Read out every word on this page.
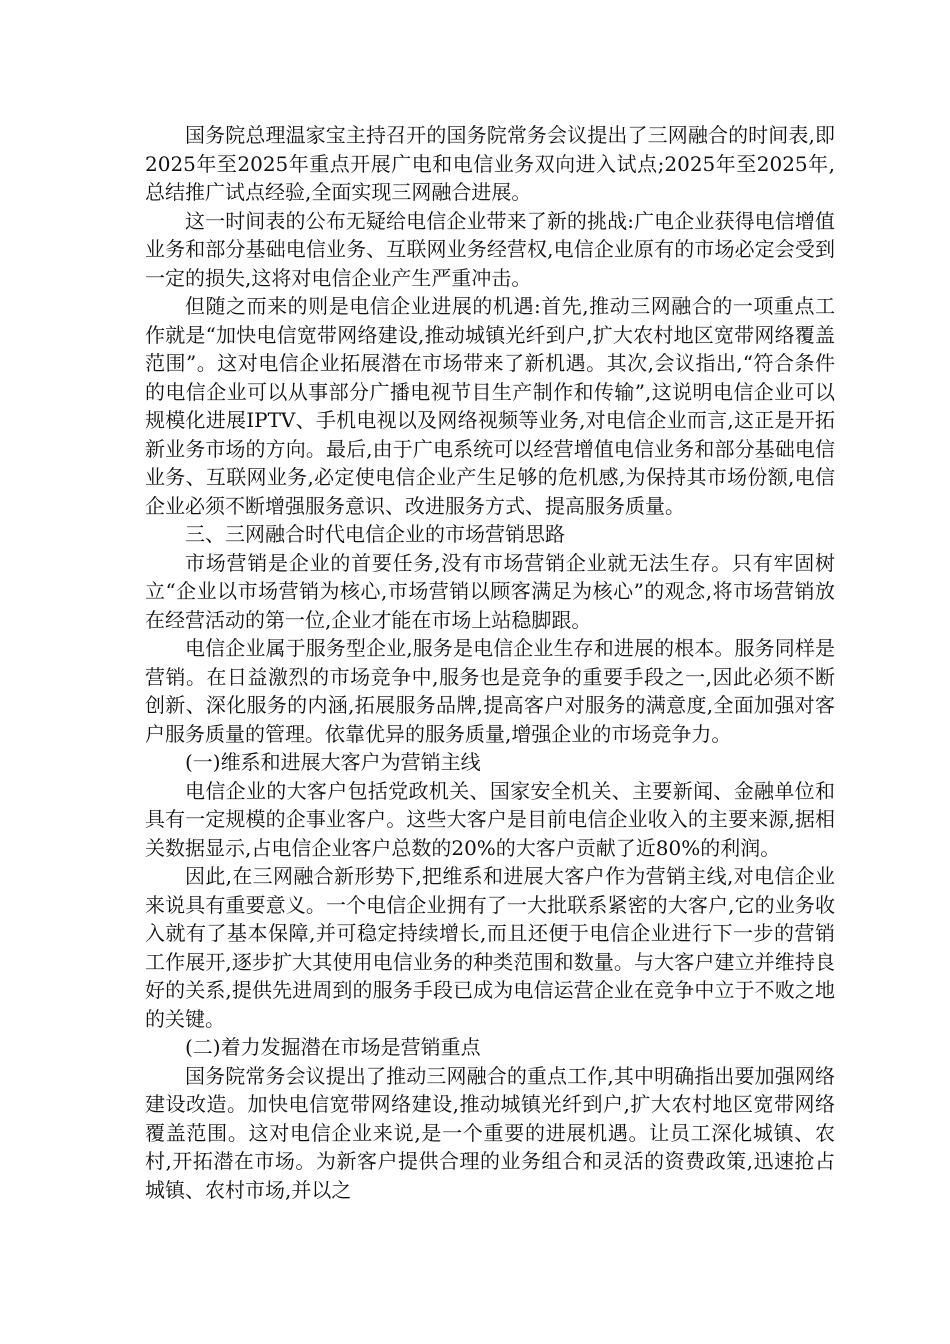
国务院总理温家宝主持召开的国务院常务会议提出了三网融合的时间表,即2025年至2025年重点开展广电和电信业务双向进入试点;2025年至2025年,总结推广试点经验,全面实现三网融合进展。

这一时间表的公布无疑给电信企业带来了新的挑战:广电企业获得电信增值业务和部分基础电信业务、互联网业务经营权,电信企业原有的市场必定会受到一定的损失,这将对电信企业产生严重冲击。

但随之而来的则是电信企业进展的机遇:首先,推动三网融合的一项重点工作就是“加快电信宽带网络建设,推动城镇光纤到户,扩大农村地区宽带网络覆盖范围”。这对电信企业拓展潜在市场带来了新机遇。其次,会议指出,“符合条件的电信企业可以从事部分广播电视节目生产制作和传输”,这说明电信企业可以规模化进展IPTV、手机电视以及网络视频等业务,对电信企业而言,这正是开拓新业务市场的方向。最后,由于广电系统可以经营增值电信业务和部分基础电信业务、互联网业务,必定使电信企业产生足够的危机感,为保持其市场份额,电信企业必须不断增强服务意识、改进服务方式、提高服务质量。

三、三网融合时代电信企业的市场营销思路

市场营销是企业的首要任务,没有市场营销企业就无法生存。只有牢固树立“企业以市场营销为核心,市场营销以顾客满足为核心”的观念,将市场营销放在经营活动的第一位,企业才能在市场上站稳脚跟。

电信企业属于服务型企业,服务是电信企业生存和进展的根本。服务同样是营销。在日益激烈的市场竞争中,服务也是竞争的重要手段之一,因此必须不断创新、深化服务的内涵,拓展服务品牌,提高客户对服务的满意度,全面加强对客户服务质量的管理。依靠优异的服务质量,增强企业的市场竞争力。

(一)维系和进展大客户为营销主线

电信企业的大客户包括党政机关、国家安全机关、主要新闻、金融单位和具有一定规模的企事业客户。这些大客户是目前电信企业收入的主要来源,据相关数据显示,占电信企业客户总数的20%的大客户贡献了近80%的利润。

因此,在三网融合新形势下,把维系和进展大客户作为营销主线,对电信企业来说具有重要意义。一个电信企业拥有了一大批联系紧密的大客户,它的业务收入就有了基本保障,并可稳定持续增长,而且还便于电信企业进行下一步的营销工作展开,逐步扩大其使用电信业务的种类范围和数量。与大客户建立并维持良好的关系,提供先进周到的服务手段已成为电信运营企业在竞争中立于不败之地的关键。

(二)着力发掘潜在市场是营销重点

国务院常务会议提出了推动三网融合的重点工作,其中明确指出要加强网络建设改造。加快电信宽带网络建设,推动城镇光纤到户,扩大农村地区宽带网络覆盖范围。这对电信企业来说,是一个重要的进展机遇。让员工深化城镇、农村,开拓潜在市场。为新客户提供合理的业务组合和灵活的资费政策,迅速抢占城镇、农村市场,并以之
